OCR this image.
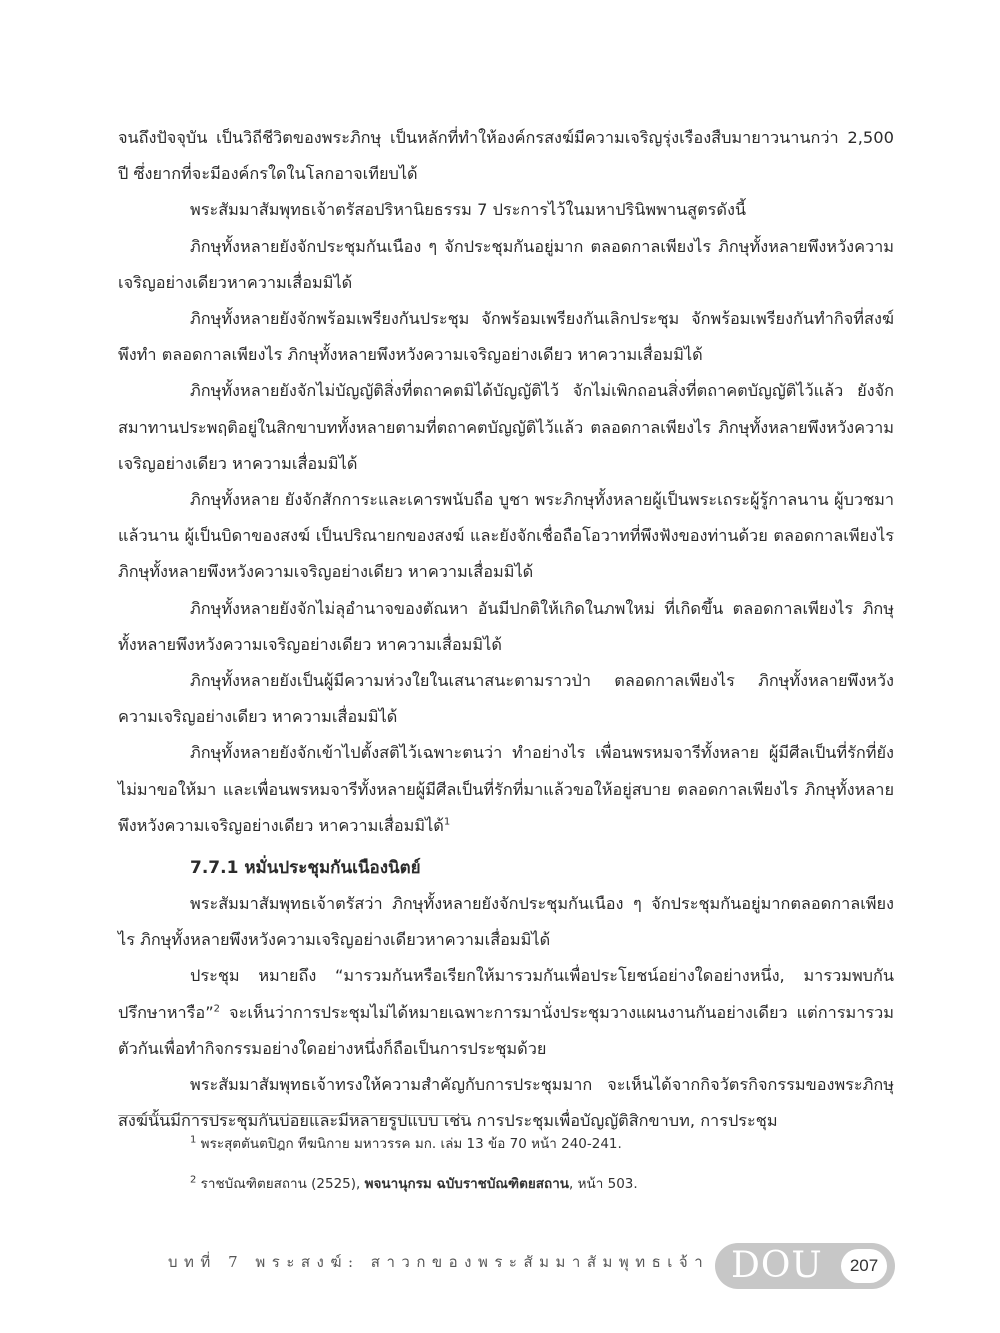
จนถึงปัจจุบัน เป็นวิถีชีวิตของพระภิกษุ เป็นหลักที่ทำให้องค์กรสงฆ์มีความเจริญรุ่งเรืองสืบมายาวนานกว่า 2,500 ปี ซึ่งยากที่จะมีองค์กรใดในโลกอาจเทียบได้

พระสัมมาสัมพุทธเจ้าตรัสอปริหานิยธรรม 7 ประการไว้ในมหาปรินิพพานสูตรดังนี้

ภิกษุทั้งหลายยังจักประชุมกันเนือง ๆ จักประชุมกันอยู่มาก ตลอดกาลเพียงไร ภิกษุทั้งหลายพึงหวังความเจริญอย่างเดียวหาความเสื่อมมิได้

ภิกษุทั้งหลายยังจักพร้อมเพรียงกันประชุม จักพร้อมเพรียงกันเลิกประชุม จักพร้อมเพรียงกันทำกิจที่สงฆ์พึงทำ ตลอดกาลเพียงไร ภิกษุทั้งหลายพึงหวังความเจริญอย่างเดียว หาความเสื่อมมิได้

ภิกษุทั้งหลายยังจักไม่บัญญัติสิ่งที่ตถาคตมิได้บัญญัติไว้ จักไม่เพิกถอนสิ่งที่ตถาคตบัญญัติไว้แล้ว ยังจักสมาทานประพฤติอยู่ในสิกขาบททั้งหลายตามที่ตถาคตบัญญัติไว้แล้ว ตลอดกาลเพียงไร ภิกษุทั้งหลายพึงหวังความเจริญอย่างเดียว หาความเสื่อมมิได้

ภิกษุทั้งหลาย ยังจักสักการะและเคารพนับถือ บูชา พระภิกษุทั้งหลายผู้เป็นพระเถระผู้รู้กาลนาน ผู้บวชมาแล้วนาน ผู้เป็นบิดาของสงฆ์ เป็นปริณายกของสงฆ์ และยังจักเชื่อถือโอวาทที่พึงฟังของท่านด้วย ตลอดกาลเพียงไร ภิกษุทั้งหลายพึงหวังความเจริญอย่างเดียว หาความเสื่อมมิได้

ภิกษุทั้งหลายยังจักไม่ลุอำนาจของตัณหา อันมีปกติให้เกิดในภพใหม่ ที่เกิดขึ้น ตลอดกาลเพียงไร ภิกษุทั้งหลายพึงหวังความเจริญอย่างเดียว หาความเสื่อมมิได้

ภิกษุทั้งหลายยังเป็นผู้มีความห่วงใยในเสนาสนะตามราวป่า ตลอดกาลเพียงไร ภิกษุทั้งหลายพึงหวังความเจริญอย่างเดียว หาความเสื่อมมิได้

ภิกษุทั้งหลายยังจักเข้าไปตั้งสติไว้เฉพาะตนว่า ทำอย่างไร เพื่อนพรหมจารีทั้งหลาย ผู้มีศีลเป็นที่รักที่ยังไม่มาขอให้มา และเพื่อนพรหมจารีทั้งหลายผู้มีศีลเป็นที่รักที่มาแล้วขอให้อยู่สบาย ตลอดกาลเพียงไร ภิกษุทั้งหลายพึงหวังความเจริญอย่างเดียว หาความเสื่อมมิได้$^1$

7.7.1 หมั่นประชุมกันเนืองนิตย์

พระสัมมาสัมพุทธเจ้าตรัสว่า ภิกษุทั้งหลายยังจักประชุมกันเนือง ๆ จักประชุมกันอยู่มากตลอดกาลเพียงไร ภิกษุทั้งหลายพึงหวังความเจริญอย่างเดียวหาความเสื่อมมิได้

ประชุม หมายถึง “มารวมกันหรือเรียกให้มารวมกันเพื่อประโยชน์อย่างใดอย่างหนึ่ง, มารวมพบกันปรึกษาหารือ”$^2$ จะเห็นว่าการประชุมไม่ได้หมายเฉพาะการมานั่งประชุมวางแผนงานกันอย่างเดียว แต่การมารวมตัวกันเพื่อทำกิจกรรมอย่างใดอย่างหนึ่งก็ถือเป็นการประชุมด้วย

พระสัมมาสัมพุทธเจ้าทรงให้ความสำคัญกับการประชุมมาก จะเห็นได้จากกิจวัตรกิจกรรมของพระภิกษุสงฆ์นั้นมีการประชุมกันบ่อยและมีหลายรูปแบบ เช่น การประชุมเพื่อบัญญัติสิกขาบท, การประชุม

$^1$ พระสุตตันตปิฎก ทีฆนิกาย มหาวรรค มก. เล่ม 13 ข้อ 70 หน้า 240-241.

$^2$ ราชบัณฑิตยสถาน (2525), พจนานุกรม ฉบับราชบัณฑิตยสถาน, หน้า 503.

บทที่ 7 พระสงฆ์: สาวกของพระสัมมาสัมพุทธเจ้า DOU	207
